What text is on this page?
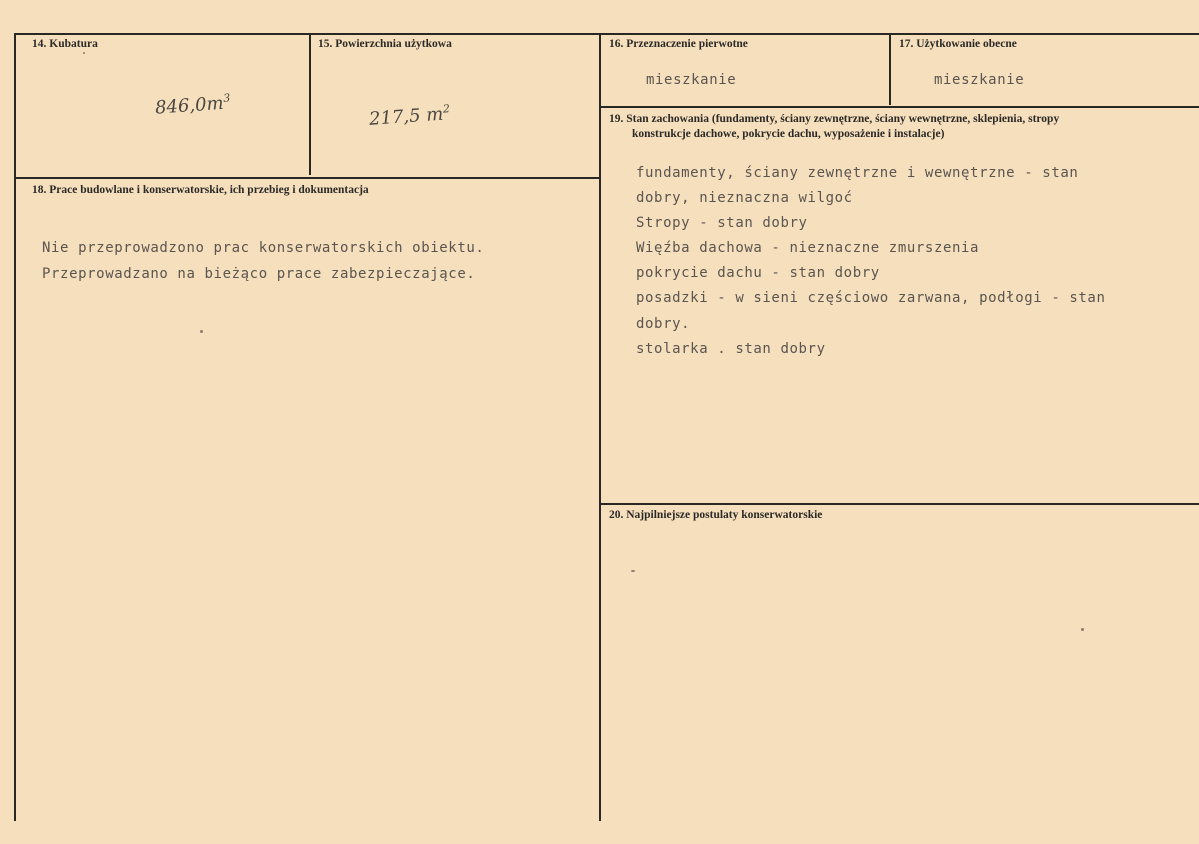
14. Kubatura
$846,0m^3$
15. Powierzchnia użytkowa
217,5 $m^2$
16. Przeznaczenie pierwotne
mieszkanie
17. Użytkowanie obecne
mieszkanie
18. Prace budowlane i konserwatorskie, ich przebieg i dokumentacja
Nie przeprowadzono prac konserwatorskich obiektu.
Przeprowadzano na bieżąco prace zabezpieczające.
19. Stan zachowania (fundamenty, ściany zewnętrzne, ściany wewnętrzne, sklepienia, stropy
konstrukcje dachowe, pokrycie dachu, wyposażenie i instalacje)
fundamenty, ściany zewnętrzne i wewnętrzne - stan
dobry, nieznaczna wilgoć
Stropy - stan dobry
Więźba dachowa - nieznaczne zmurszenia
pokrycie dachu - stan dobry
posadzki - w sieni częściowo zarwana, podłogi - stan
dobry.
stolarka . stan dobry
20. Najpilniejsze postulaty konserwatorskie
